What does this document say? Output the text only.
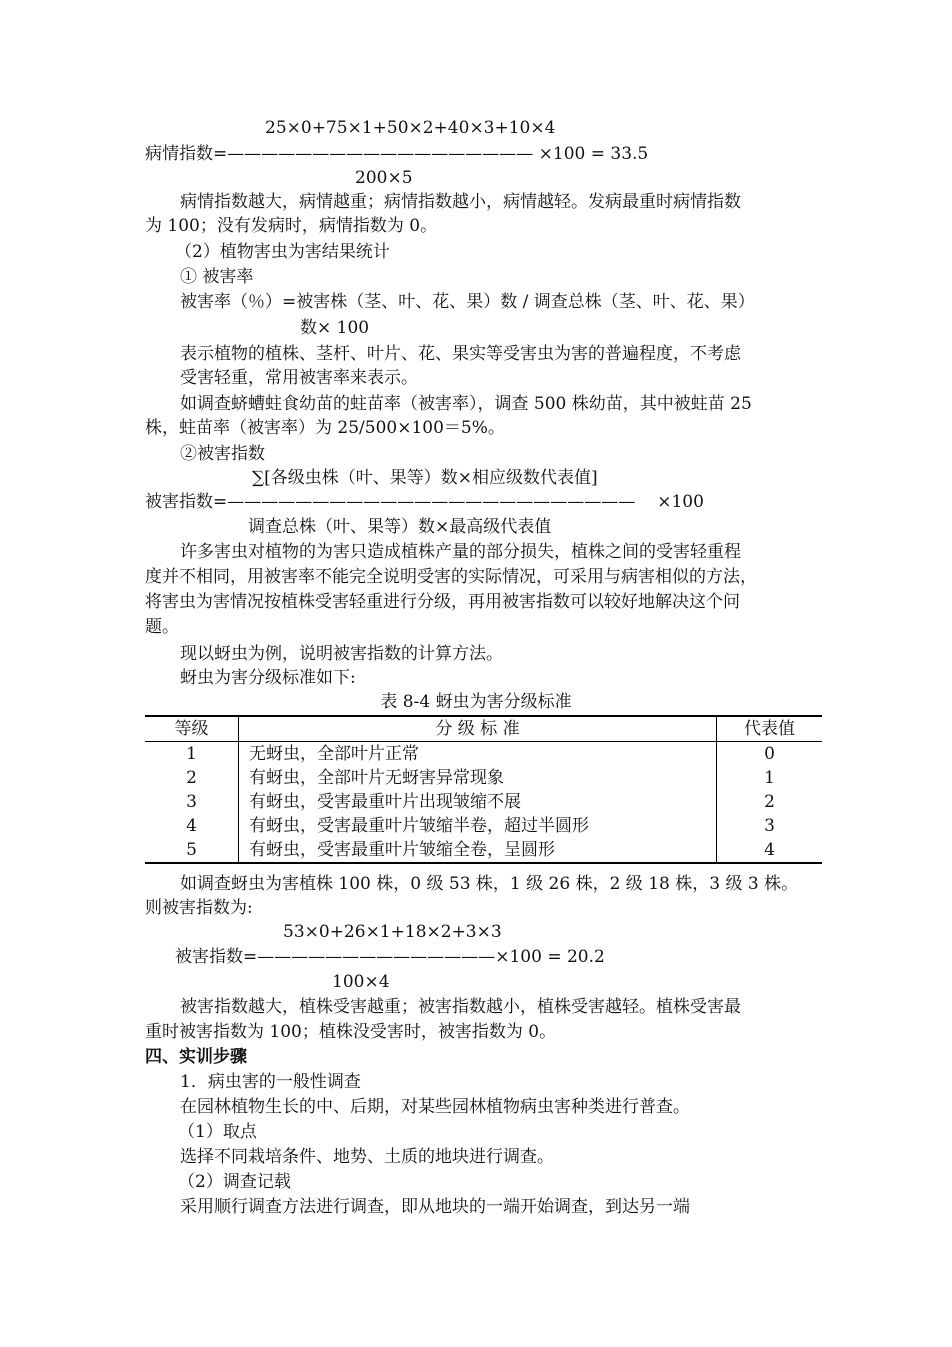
25×0+75×1+50×2+40×3+10×4
病情指数=—————————————————— ×100 = 33.5
200×5
病情指数越大，病情越重；病情指数越小，病情越轻。发病最重时病情指数
为 100；没有发病时，病情指数为 0。
（2）植物害虫为害结果统计
① 被害率
被害率（％）=被害株（茎、叶、花、果）数 / 调查总株（茎、叶、花、果）
数× 100
表示植物的植株、茎杆、叶片、花、果实等受害虫为害的普遍程度，不考虑
受害轻重，常用被害率来表示。
如调查蛴螬蛀食幼苗的蛀苗率（被害率），调查 500 株幼苗，其中被蛀苗 25
株，蛀苗率（被害率）为 25/500×100＝5%。
②被害指数
∑[各级虫株（叶、果等）数×相应级数代表值]
被害指数=———————————————————————— ×100
调查总株（叶、果等）数×最高级代表值
许多害虫对植物的为害只造成植株产量的部分损失，植株之间的受害轻重程
度并不相同，用被害率不能完全说明受害的实际情况，可采用与病害相似的方法，
将害虫为害情况按植株受害轻重进行分级，再用被害指数可以较好地解决这个问
题。
现以蚜虫为例，说明被害指数的计算方法。
蚜虫为害分级标准如下:
表 8-4 蚜虫为害分级标准
等级	分 级 标 准	代表值
1	无蚜虫，全部叶片正常	0
2	有蚜虫，全部叶片无蚜害异常现象	1
3	有蚜虫，受害最重叶片出现皱缩不展	2
4	有蚜虫，受害最重叶片皱缩半卷，超过半圆形	3
5	有蚜虫，受害最重叶片皱缩全卷，呈圆形	4
如调查蚜虫为害植株 100 株，0 级 53 株，1 级 26 株，2 级 18 株，3 级 3 株。
则被害指数为:
53×0+26×1+18×2+3×3
被害指数=——————————————×100 = 20.2
100×4
被害指数越大，植株受害越重；被害指数越小，植株受害越轻。植株受害最
重时被害指数为 100；植株没受害时，被害指数为 0。
四、实训步骤
1．病虫害的一般性调查
在园林植物生长的中、后期，对某些园林植物病虫害种类进行普查。
（1）取点
选择不同栽培条件、地势、土质的地块进行调查。
（2）调查记载
采用顺行调查方法进行调查，即从地块的一端开始调查，到达另一端
